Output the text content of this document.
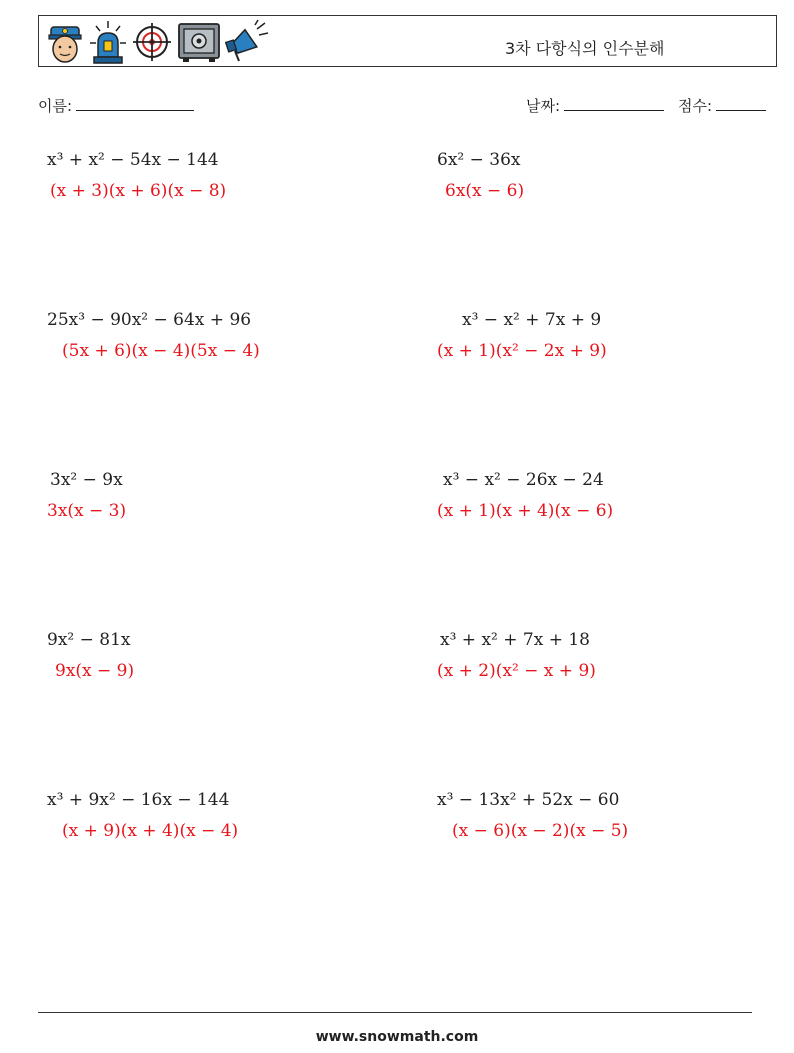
3차 다항식의 인수분해
이름:	날짜:	점수:
x³ + x² − 54x − 144
(x + 3)(x + 6)(x − 8)
25x³ − 90x² − 64x + 96
(5x + 6)(x − 4)(5x − 4)
3x² − 9x
3x(x − 3)
9x² − 81x
9x(x − 9)
x³ + 9x² − 16x − 144
(x + 9)(x + 4)(x − 4)
6x² − 36x
6x(x − 6)
x³ − x² + 7x + 9
(x + 1)(x² − 2x + 9)
x³ − x² − 26x − 24
(x + 1)(x + 4)(x − 6)
x³ + x² + 7x + 18
(x + 2)(x² − x + 9)
x³ − 13x² + 52x − 60
(x − 6)(x − 2)(x − 5)
www.snowmath.com
